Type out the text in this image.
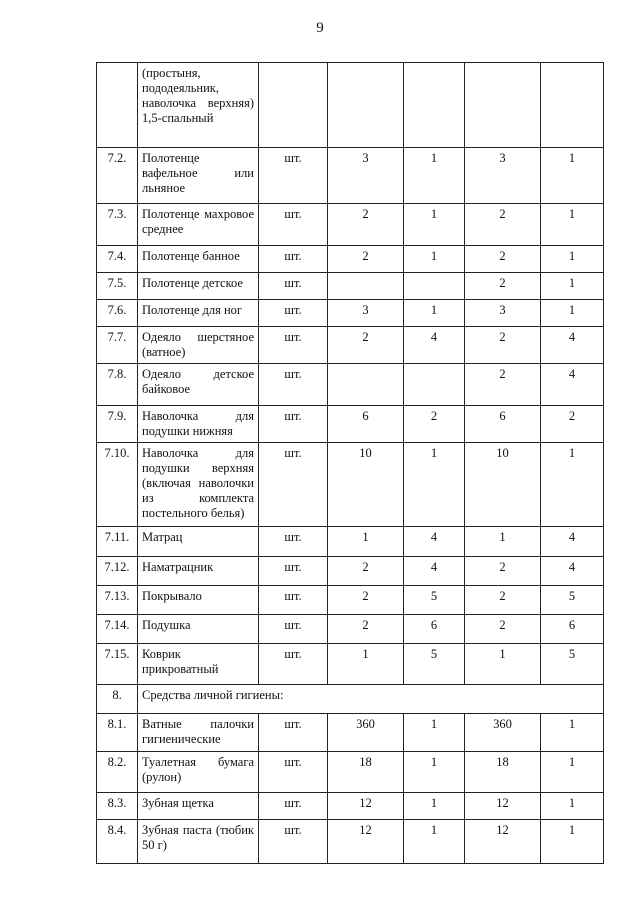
9
	(простыня, пододеяльник, наволочка верхняя) 1,5-спальный					
7.2.	Полотенце вафельное или льняное	шт.	3	1	3	1
7.3.	Полотенце махровое среднее	шт.	2	1	2	1
7.4.	Полотенце банное	шт.	2	1	2	1
7.5.	Полотенце детское	шт.			2	1
7.6.	Полотенце для ног	шт.	3	1	3	1
7.7.	Одеяло шерстяное (ватное)	шт.	2	4	2	4
7.8.	Одеяло детское байковое	шт.			2	4
7.9.	Наволочка для подушки нижняя	шт.	6	2	6	2
7.10.	Наволочка для подушки верхняя (включая наволочки из комплекта постельного белья)	шт.	10	1	10	1
7.11.	Матрац	шт.	1	4	1	4
7.12.	Наматрацник	шт.	2	4	2	4
7.13.	Покрывало	шт.	2	5	2	5
7.14.	Подушка	шт.	2	6	2	6
7.15.	Коврик прикроватный	шт.	1	5	1	5
8.	Средства личной гигиены:					
8.1.	Ватные палочки гигиенические	шт.	360	1	360	1
8.2.	Туалетная бумага (рулон)	шт.	18	1	18	1
8.3.	Зубная щетка	шт.	12	1	12	1
8.4.	Зубная паста (тюбик 50 г)	шт.	12	1	12	1
